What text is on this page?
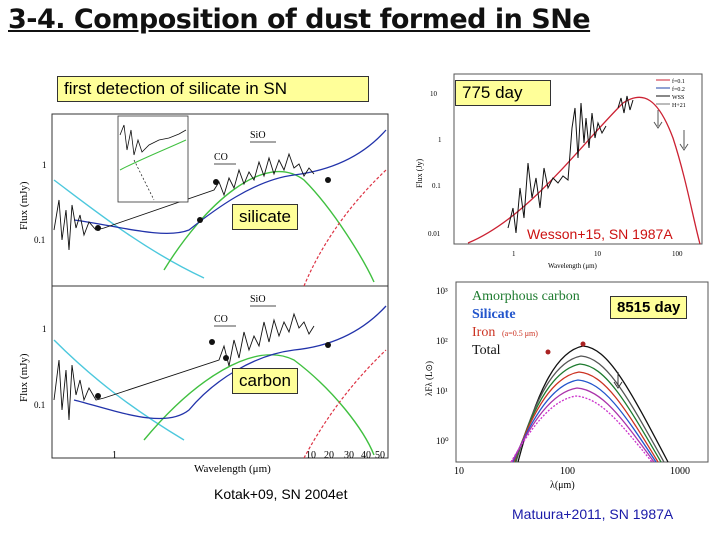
3-4. Composition of dust formed in SNe
Flux (mJy)
Flux (mJy)
1
0.1
1
0.1
1	10 20 30 40 50
Wavelength (μm)
SiO
CO
SiO
CO
first detection of silicate in SN
silicate
carbon
Kotak+09, SN 2004et
Flux (Jy)
10
1
0.1
0.01
1	10	100
Wavelength (μm)
f=0.1
f=0.2
WSS
H+21
775 day
Wesson+15, SN 1987A
λFλ (L⊙)
10³
10²
10¹
10⁰
10	100	1000
λ(μm)
Amorphous carbon
Silicate
Iron (a=0.5 μm)
Total
8515 day
Matuura+2011, SN 1987A
